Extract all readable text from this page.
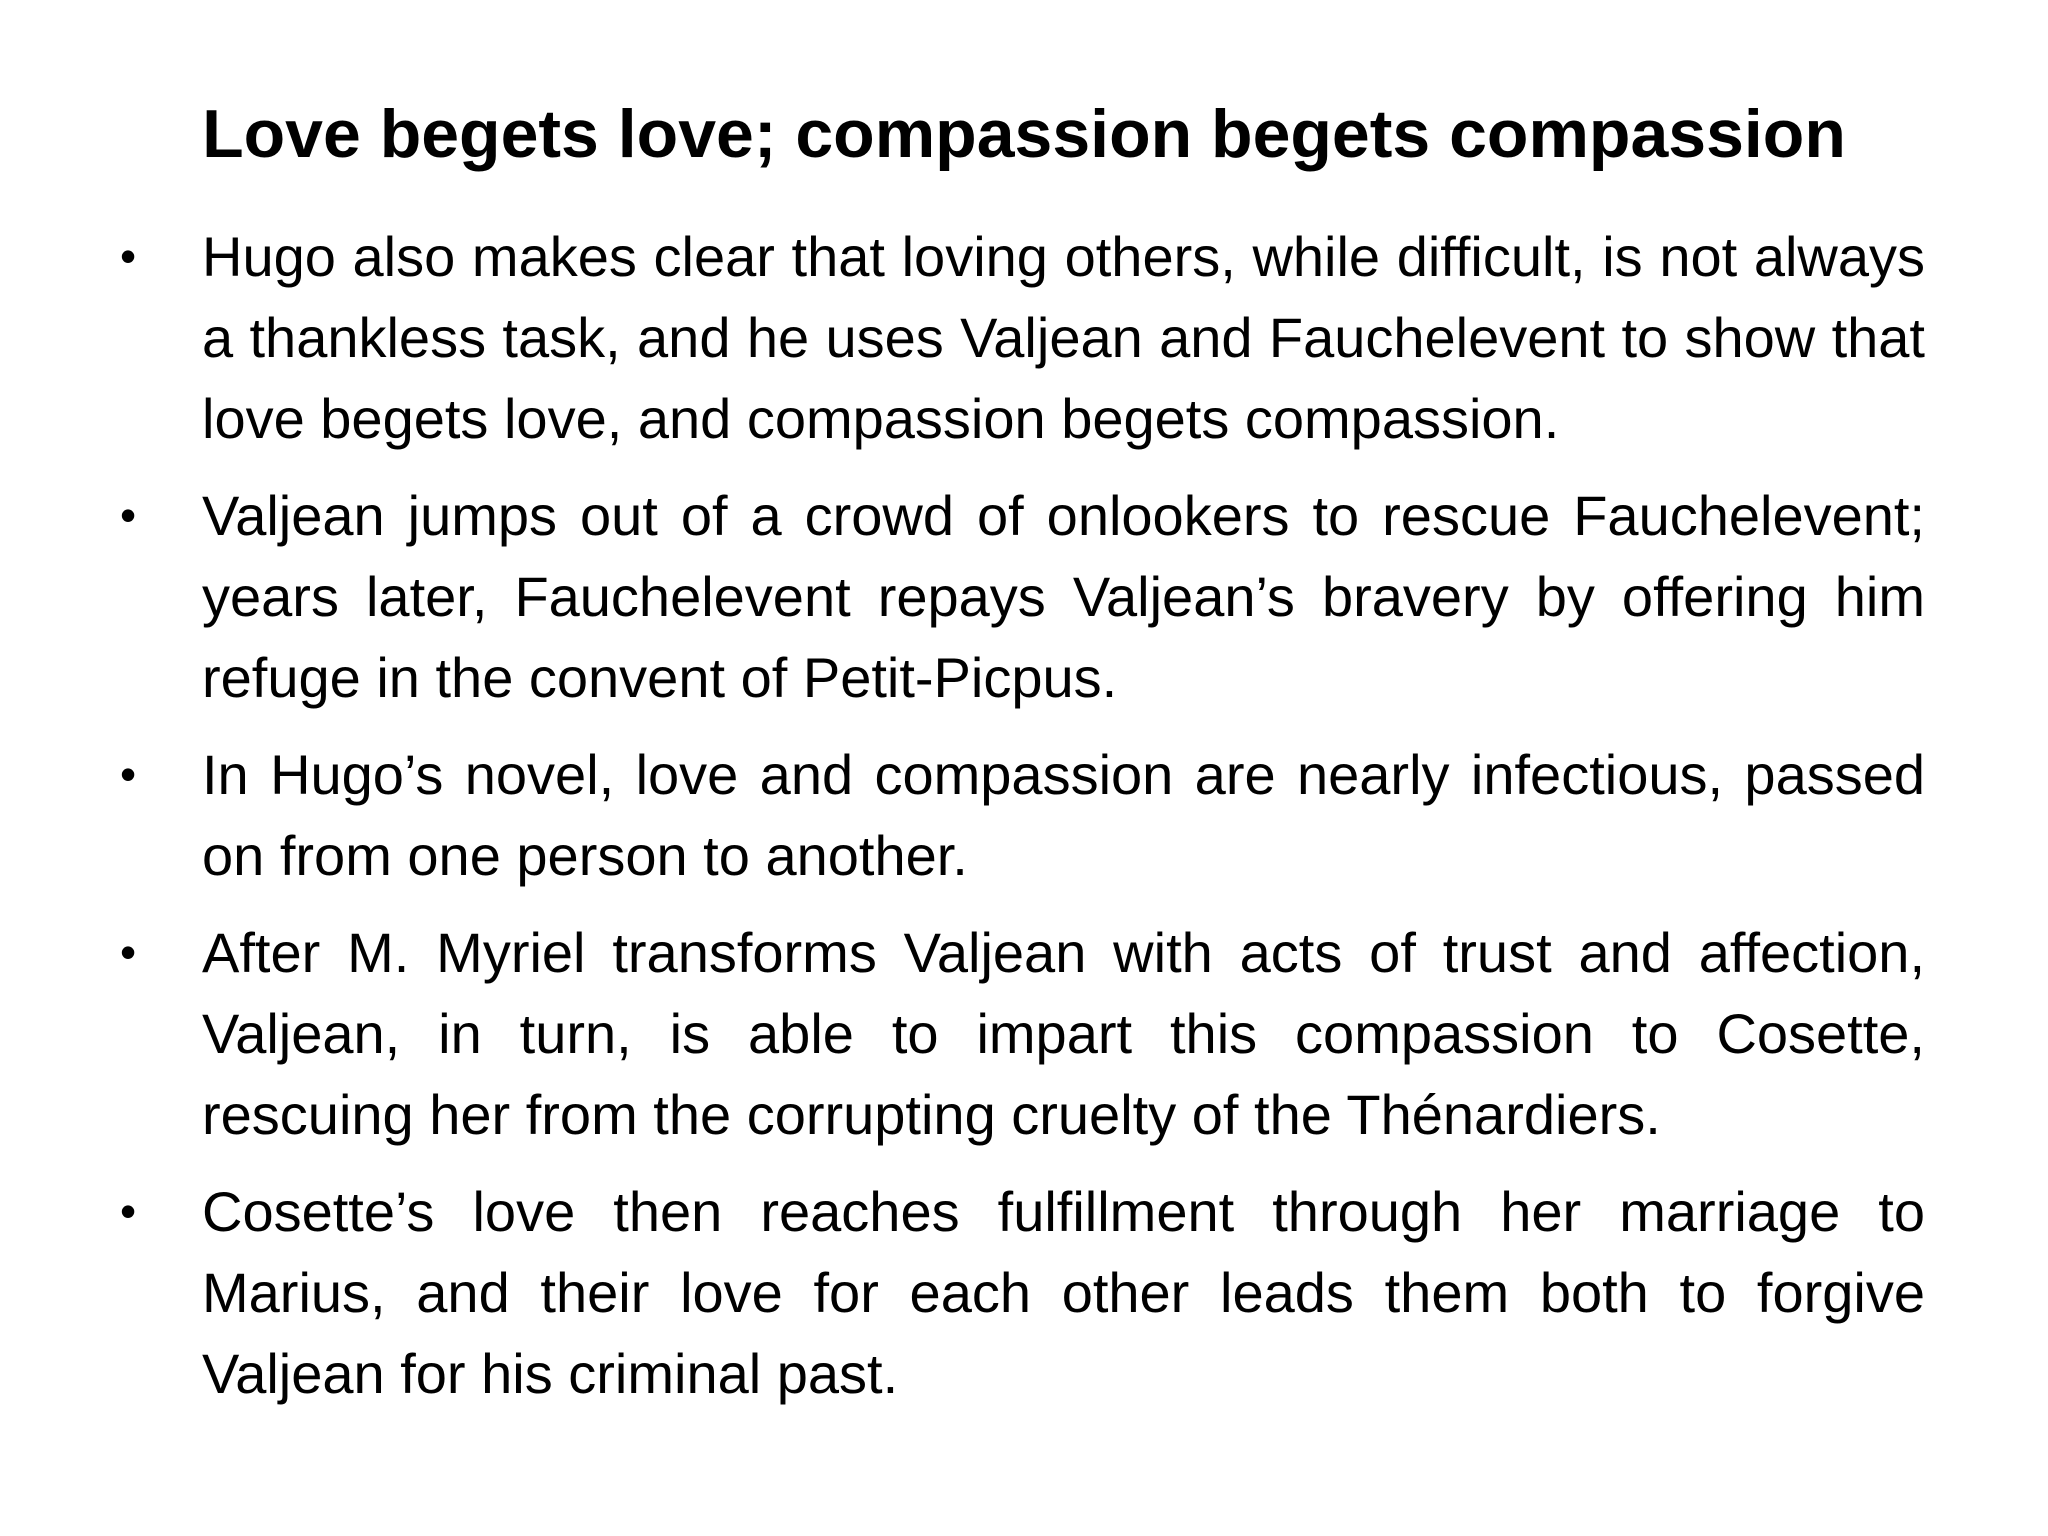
Love begets love; compassion begets compassion
•	Hugo also makes clear that loving others, while difficult, is not always a thankless task, and he uses Valjean and Fauchelevent to show that love begets love, and compassion begets compassion.
•	Valjean jumps out of a crowd of onlookers to rescue Fauchelevent; years later, Fauchelevent repays Valjean’s bravery by offering him refuge in the convent of Petit-Picpus.
•	In Hugo’s novel, love and compassion are nearly infectious, passed on from one person to another.
•	After M. Myriel transforms Valjean with acts of trust and affection, Valjean, in turn, is able to impart this compassion to Cosette, rescuing her from the corrupting cruelty of the Thénardiers.
•	Cosette’s love then reaches fulfillment through her marriage to Marius, and their love for each other leads them both to forgive Valjean for his criminal past.
